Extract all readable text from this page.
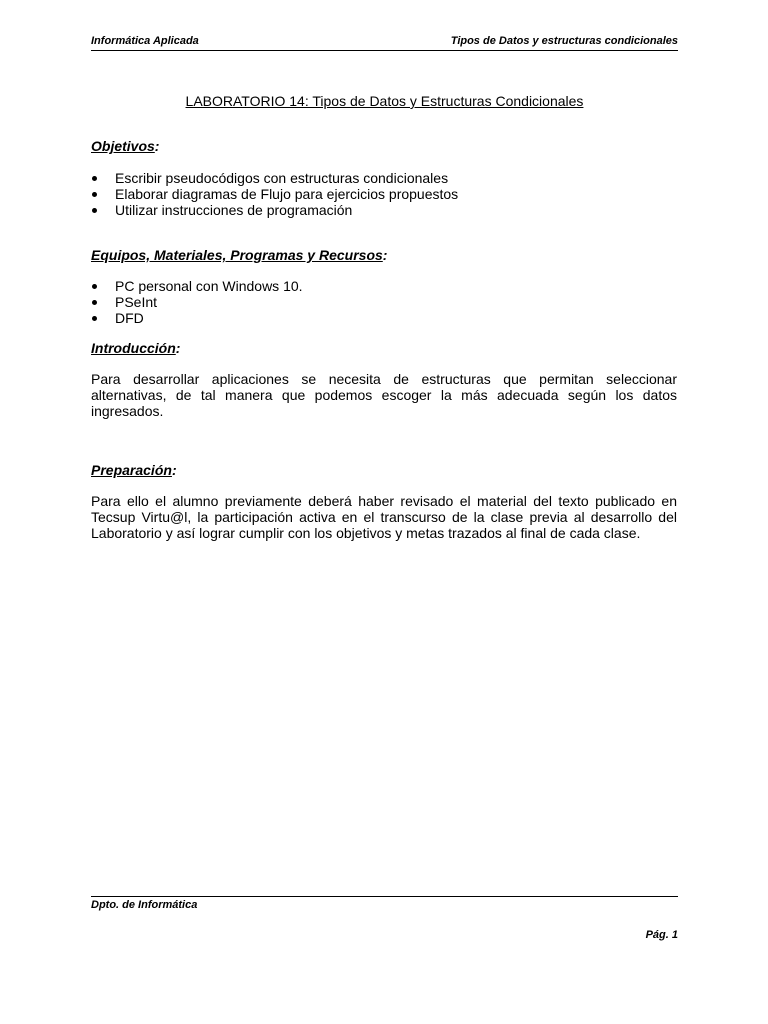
Informática Aplicada	Tipos de Datos y estructuras condicionales
LABORATORIO 14: Tipos de Datos y Estructuras Condicionales
Objetivos:
Escribir pseudocódigos con estructuras condicionales
Elaborar diagramas de Flujo para ejercicios propuestos
Utilizar instrucciones de programación
Equipos, Materiales, Programas y Recursos:
PC personal con Windows 10.
PSeInt
DFD
Introducción:

Para desarrollar aplicaciones se necesita de estructuras que permitan seleccionar alternativas, de tal manera que podemos escoger la más adecuada según los datos ingresados.

Preparación:

Para ello el alumno previamente deberá haber revisado el material del texto publicado en Tecsup Virtu@l, la participación activa en el transcurso de la clase previa al desarrollo del Laboratorio y así lograr cumplir con los objetivos y metas trazados al final de cada clase.

Dpto. de Informática
Pág. 1
